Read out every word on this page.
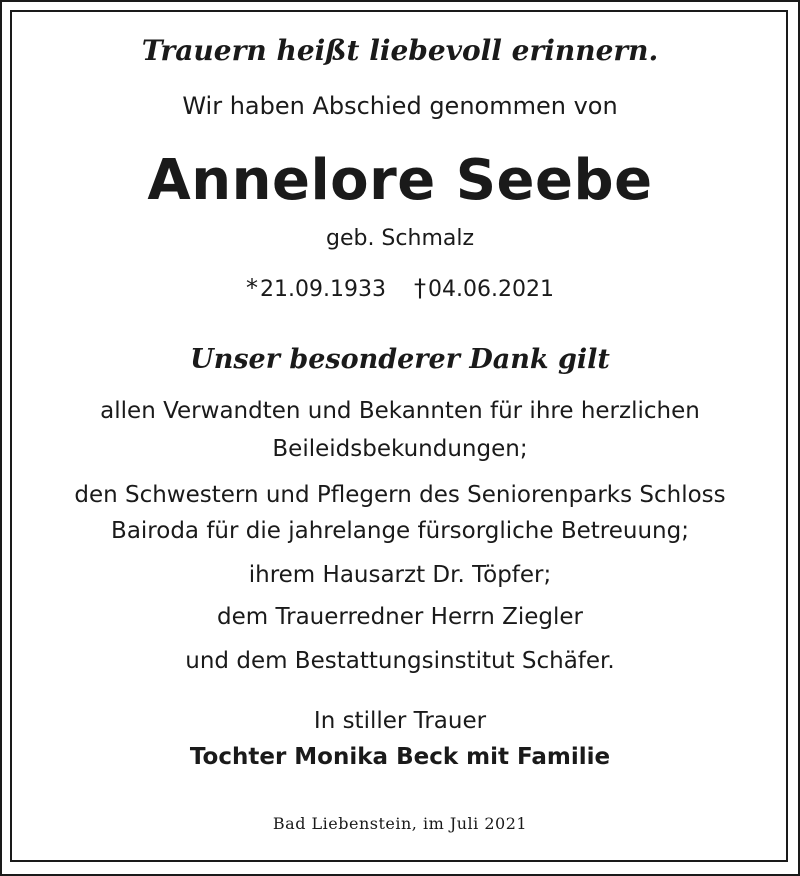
Trauern heißt liebevoll erinnern.
Wir haben Abschied genommen von
Annelore Seebe
geb. Schmalz
*21.09.1933 †04.06.2021
Unser besonderer Dank gilt
allen Verwandten und Bekannten für ihre herzlichen
Beileidsbekundungen;
den Schwestern und Pflegern des Seniorenparks Schloss
Bairoda für die jahrelange fürsorgliche Betreuung;
ihrem Hausarzt Dr. Töpfer;
dem Trauerredner Herrn Ziegler
und dem Bestattungsinstitut Schäfer.
In stiller Trauer
Tochter Monika Beck mit Familie
Bad Liebenstein, im Juli 2021
